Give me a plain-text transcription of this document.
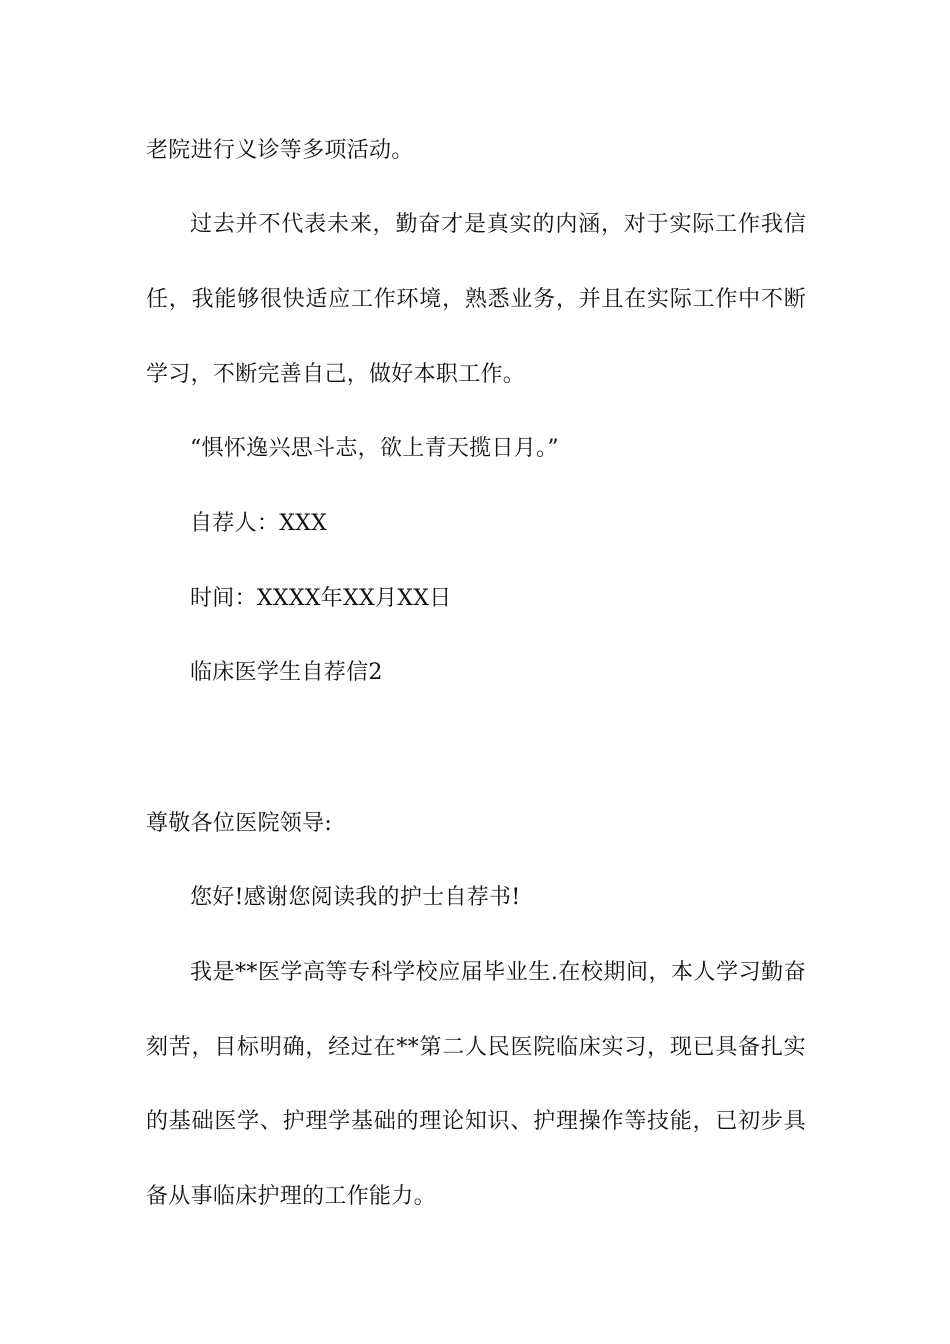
老院进行义诊等多项活动。
过去并不代表未来，勤奋才是真实的内涵，对于实际工作我信
任，我能够很快适应工作环境，熟悉业务，并且在实际工作中不断
学习，不断完善自己，做好本职工作。
“惧怀逸兴思斗志，欲上青天揽日月。”
自荐人：XXX
时间：XXXX年XX月XX日
临床医学生自荐信2
尊敬各位医院领导:
您好!感谢您阅读我的护士自荐书!
我是**医学高等专科学校应届毕业生.在校期间，本人学习勤奋
刻苦，目标明确，经过在**第二人民医院临床实习，现已具备扎实
的基础医学、护理学基础的理论知识、护理操作等技能，已初步具
备从事临床护理的工作能力。
